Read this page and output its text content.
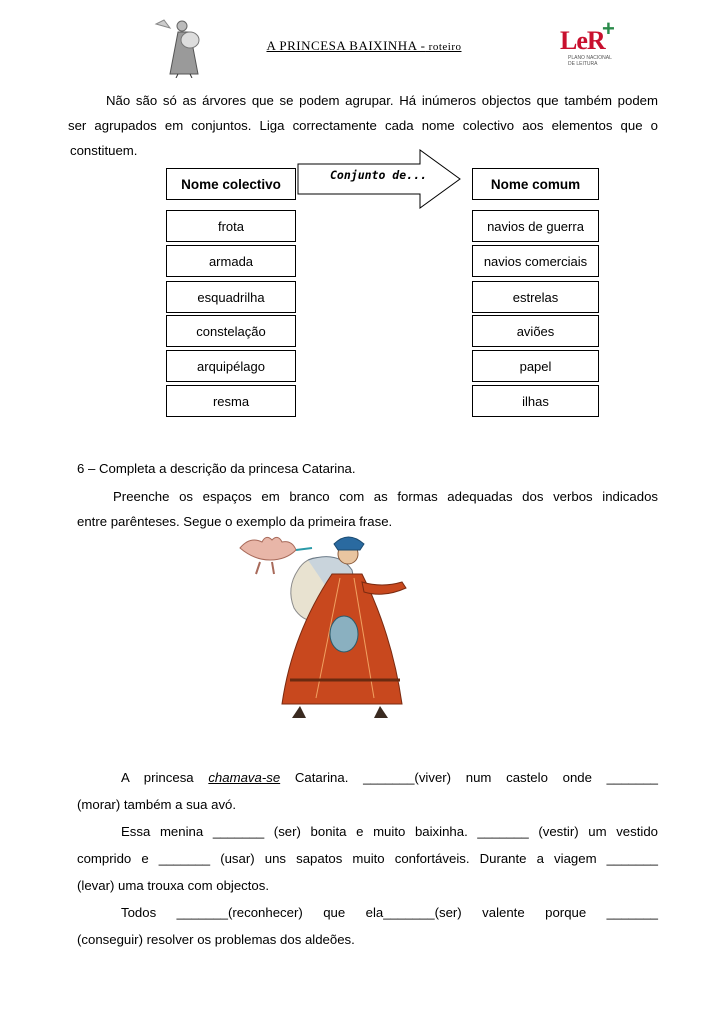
A PRINCESA BAIXINHA - roteiro	LeR
+
PLANO NACIONAL
DE LEITURA
Não são só as árvores que se podem agrupar. Há inúmeros objectos que também podem
ser agrupados em conjuntos. Liga correctamente cada nome colectivo aos elementos que o
constituem.
Nome colectivo	Nome comum
Conjunto de...
frota
armada
esquadrilha
constelação
arquipélago
resma
navios de guerra
navios comerciais
estrelas
aviões
papel
ilhas
6 – Completa a descrição da princesa Catarina.
Preenche os espaços em branco com as formas adequadas dos verbos indicados
entre parênteses. Segue o exemplo da primeira frase.
A princesa chamava-se Catarina. _______(viver) num castelo onde _______
(morar) também a sua avó.
Essa menina _______ (ser) bonita e muito baixinha. _______ (vestir) um vestido
comprido e _______ (usar) uns sapatos muito confortáveis. Durante a viagem _______
(levar) uma trouxa com objectos.
Todos _______(reconhecer) que ela_______(ser) valente porque _______
(conseguir) resolver os problemas dos aldeões.
